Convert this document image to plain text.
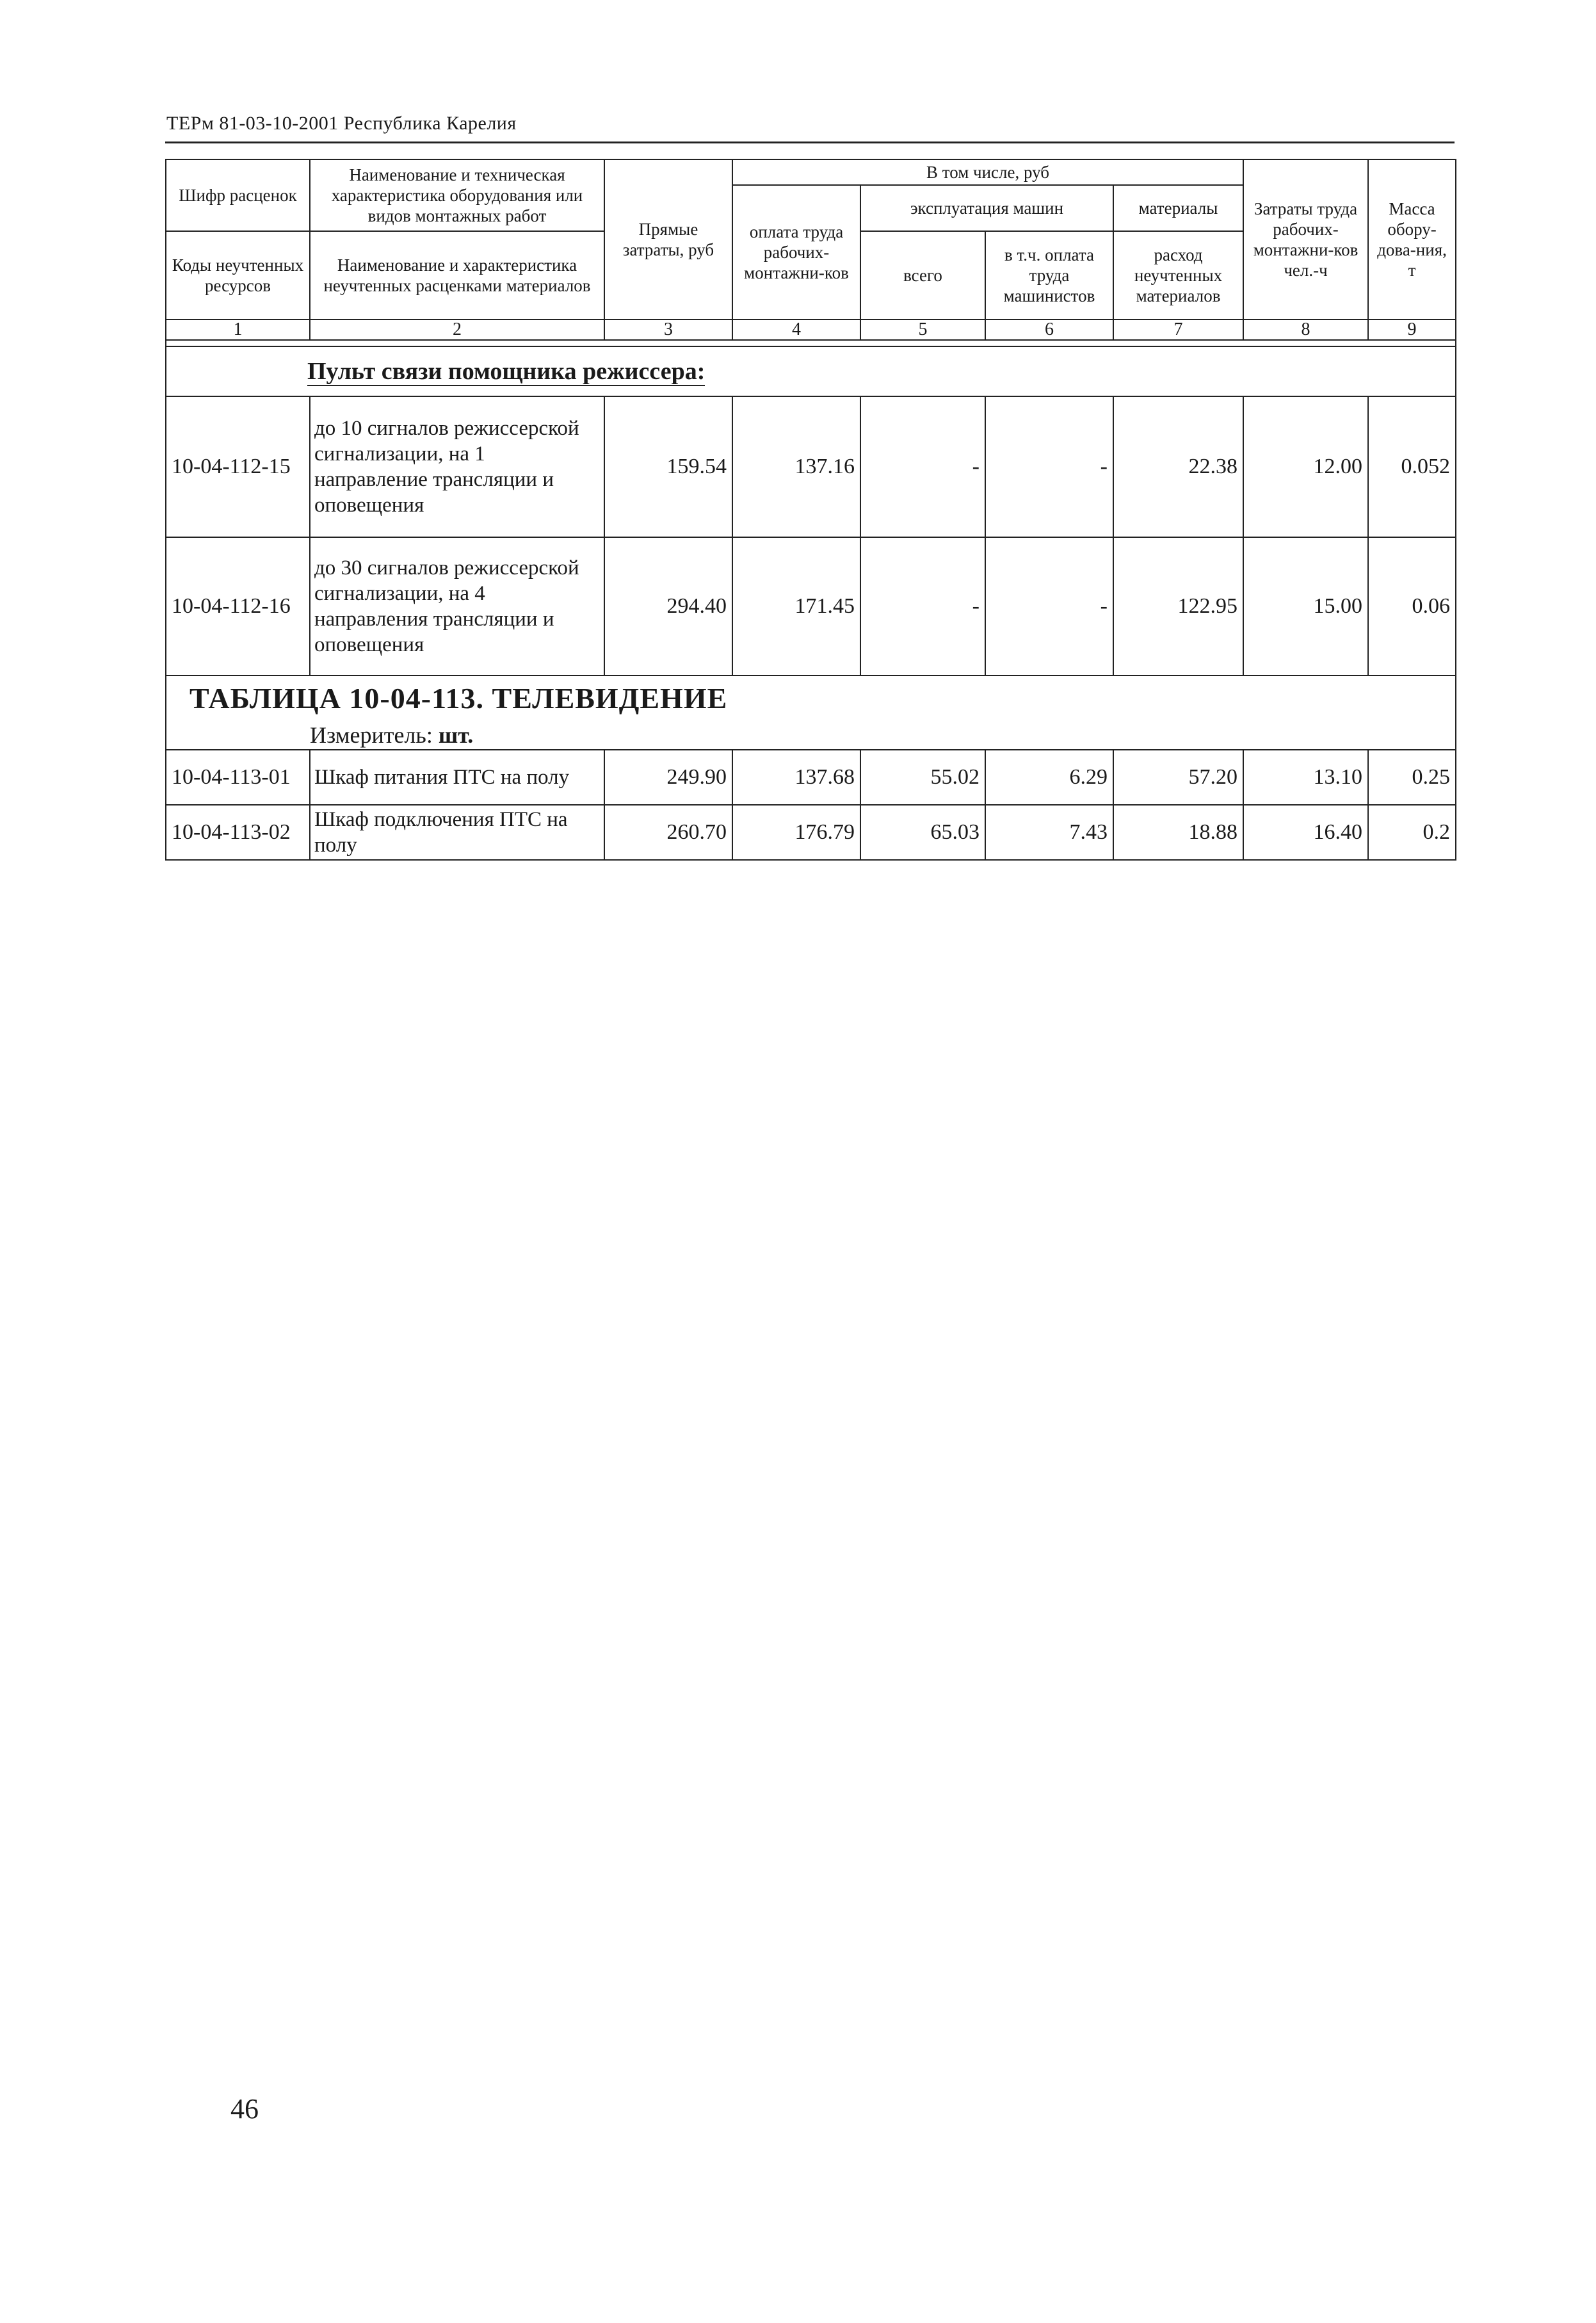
ТЕРм 81-03-10-2001 Республика Карелия
Шифр расценок	Наименование и техническая характеристика оборудования или видов монтажных работ	Прямые затраты, руб	В том числе, руб				Затраты труда рабочих-монтажни-ков чел.-ч	Масса обору-дова-ния, т
			оплата труда рабочих-монтажни-ков	эксплуатация машин		материалы		
Коды неучтенных ресурсов	Наименование и характеристика неучтенных расценками материалов			всего	в т.ч. оплата труда машинистов	расход неучтенных материалов		

1	2	3	4	5	6	7	8	9

Пульт связи помощника режиссера:								
10-04-112-15	до 10 сигналов режиссерской сигнализации, на 1 направление трансляции и оповещения	159.54	137.16	-	-	22.38	12.00	0.052
10-04-112-16	до 30 сигналов режиссерской сигнализации, на 4 направления трансляции и оповещения	294.40	171.45	-	-	122.95	15.00	0.06

ТАБЛИЦА 10-04-113. ТЕЛЕВИДЕНИЕ
Измеритель:
шт.								

10-04-113-01	Шкаф питания ПТС на полу	249.90	137.68	55.02	6.29	57.20	13.10	0.25
10-04-113-02	Шкаф подключения ПТС на полу	260.70	176.79	65.03	7.43	18.88	16.40	0.2
46
